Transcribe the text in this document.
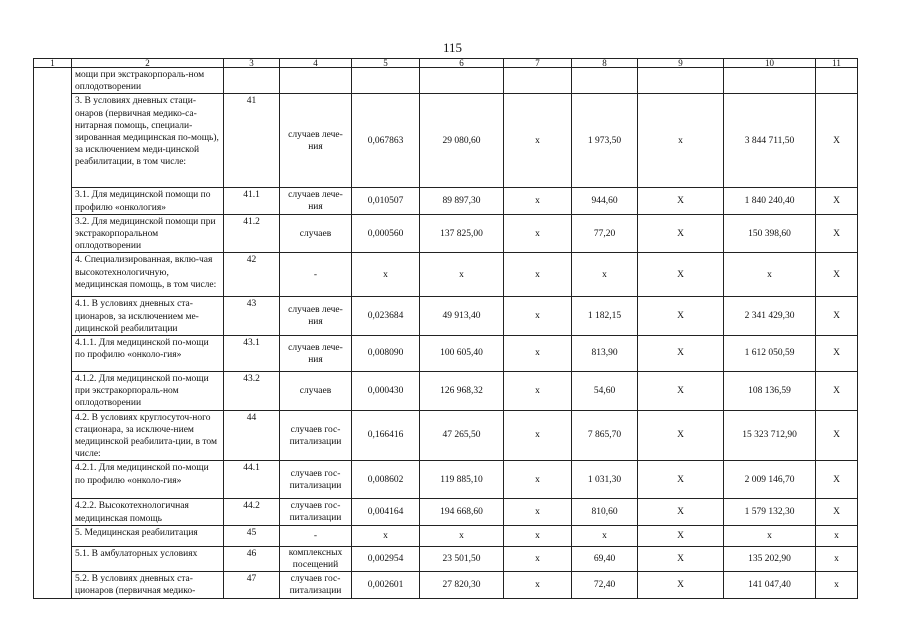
115
1	2	3	4	5	6	7	8	9	10	11
	мощи при экстракорпораль-ном оплодотворении									
	3. В условиях дневных стаци-онаров (первичная медико-са-нитарная помощь, специали-зированная медицинская по-мощь), за исключением меди-цинской реабилитации, в том числе:	41	случаев лече-ния	0,067863	29 080,60	х	1 973,50	х	3 844 711,50	Х
	3.1. Для медицинской помощи по профилю «онкология»	41.1	случаев лече-ния	0,010507	89 897,30	х	944,60	Х	1 840 240,40	Х
	3.2. Для медицинской помощи при экстракорпоральном оплодотворении	41.2	случаев	0,000560	137 825,00	х	77,20	Х	150 398,60	Х
	4. Специализированная, вклю-чая высокотехнологичную, медицинская помощь, в том числе:	42	-	х	х	х	х	Х	х	Х
	4.1. В условиях дневных ста-ционаров, за исключением ме-дицинской реабилитации	43	случаев лече-ния	0,023684	49 913,40	х	1 182,15	Х	2 341 429,30	Х
	4.1.1. Для медицинской по-мощи по профилю «онколо-гия»	43.1	случаев лече-ния	0,008090	100 605,40	х	813,90	Х	1 612 050,59	Х
	4.1.2. Для медицинской по-мощи при экстракорпораль-ном оплодотворении	43.2	случаев	0,000430	126 968,32	х	54,60	Х	108 136,59	Х
	4.2. В условиях круглосуточ-ного стационара, за исключе-нием медицинской реабилита-ции, в том числе:	44	случаев гос-питализации	0,166416	47 265,50	х	7 865,70	Х	15 323 712,90	Х
	4.2.1. Для медицинской по-мощи по профилю «онколо-гия»	44.1	случаев гос-питализации	0,008602	119 885,10	х	1 031,30	Х	2 009 146,70	Х
	4.2.2. Высокотехнологичная медицинская помощь	44.2	случаев гос-питализации	0,004164	194 668,60	х	810,60	Х	1 579 132,30	Х
	5. Медицинская реабилитация	45	-	х	х	х	х	Х	х	х
	5.1. В амбулаторных условиях	46	комплексных посещений	0,002954	23 501,50	х	69,40	Х	135 202,90	х
	5.2. В условиях дневных ста-ционаров (первичная медико-	47	случаев гос-питализации	0,002601	27 820,30	х	72,40	Х	141 047,40	х
